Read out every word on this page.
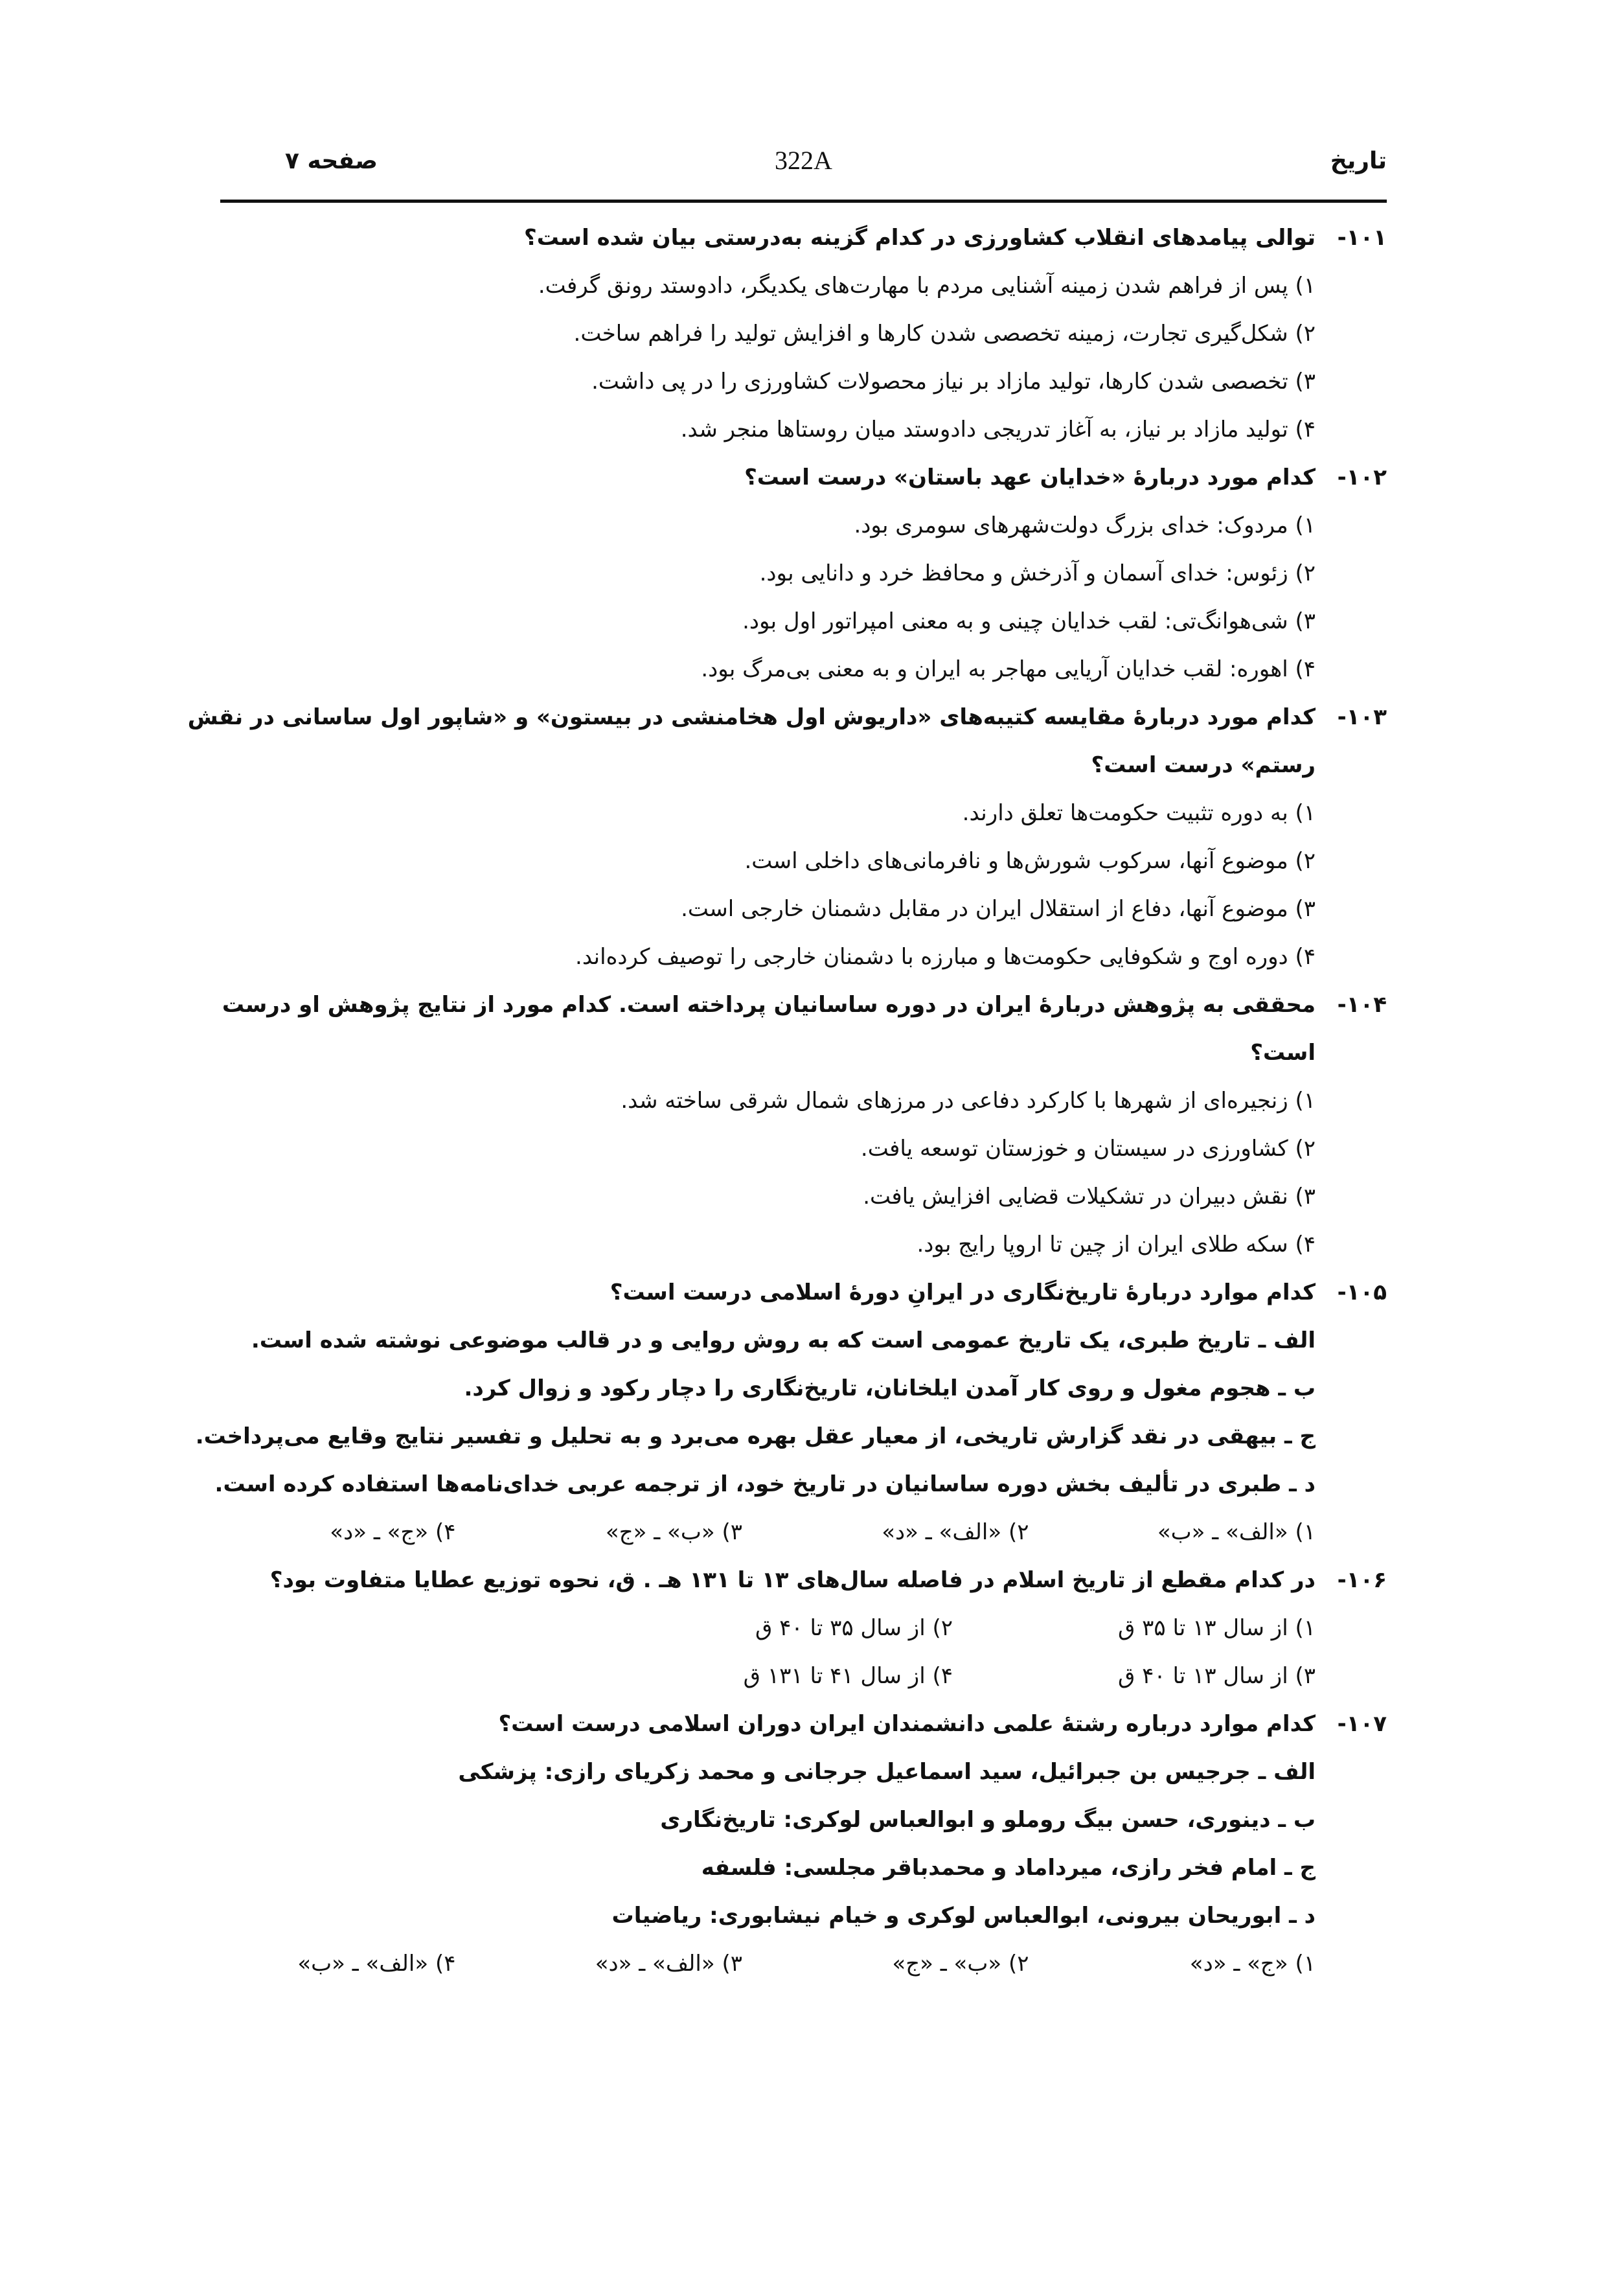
صفحه ۷	322A	تاریخ
۱۰۱-
توالی پیامدهای انقلاب کشاورزی در کدام گزینه به‌درستی بیان شده است؟
۱) پس از فراهم شدن زمینه آشنایی مردم با مهارت‌های یکدیگر، دادوستد رونق گرفت.
۲) شکل‌گیری تجارت، زمینه تخصصی شدن کارها و افزایش تولید را فراهم ساخت.
۳) تخصصی شدن کارها، تولید مازاد بر نیاز محصولات کشاورزی را در پی داشت.
۴) تولید مازاد بر نیاز، به آغاز تدریجی دادوستد میان روستاها منجر شد.
۱۰۲-
کدام مورد دربارهٔ «خدایان عهد باستان» درست است؟
۱) مردوک: خدای بزرگ دولت‌شهرهای سومری بود.
۲) زئوس: خدای آسمان و آذرخش و محافظ خرد و دانایی بود.
۳) شی‌هوانگ‌تی: لقب خدایان چینی و به معنی امپراتور اول بود.
۴) اهوره: لقب خدایان آریایی مهاجر به ایران و به معنی بی‌مرگ بود.
۱۰۳-
کدام مورد دربارهٔ مقایسه کتیبه‌های «داریوش اول هخامنشی در بیستون» و «شاپور اول ساسانی در نقش رستم» درست است؟
۱) به دوره تثبیت حکومت‌ها تعلق دارند.
۲) موضوع آنها، سرکوب شورش‌ها و نافرمانی‌های داخلی است.
۳) موضوع آنها، دفاع از استقلال ایران در مقابل دشمنان خارجی است.
۴) دوره اوج و شکوفایی حکومت‌ها و مبارزه با دشمنان خارجی را توصیف کرده‌اند.
۱۰۴-
محققی به پژوهش دربارهٔ ایران در دوره ساسانیان پرداخته است. کدام مورد از نتایج پژوهش او درست است؟
۱) زنجیره‌ای از شهرها با کارکرد دفاعی در مرزهای شمال شرقی ساخته شد.
۲) کشاورزی در سیستان و خوزستان توسعه یافت.
۳) نقش دبیران در تشکیلات قضایی افزایش یافت.
۴) سکه طلای ایران از چین تا اروپا رایج بود.
۱۰۵-
کدام موارد دربارهٔ تاریخ‌نگاری در ایرانِ دورهٔ اسلامی درست است؟
الف ـ تاریخ طبری، یک تاریخ عمومی است که به روش روایی و در قالب موضوعی نوشته شده است.
ب ـ هجوم مغول و روی کار آمدن ایلخانان، تاریخ‌نگاری را دچار رکود و زوال کرد.
ج ـ بیهقی در نقد گزارش تاریخی، از معیار عقل بهره می‌برد و به تحلیل و تفسیر نتایج وقایع می‌پرداخت.
د ـ طبری در تألیف بخش دوره ساسانیان در تاریخ خود، از ترجمه عربی خدای‌نامه‌ها استفاده کرده است.
۱) «الف» ـ «ب»
۲) «الف» ـ «د»
۳) «ب» ـ «ج»
۴) «ج» ـ «د»
۱۰۶-
در کدام مقطع از تاریخ اسلام در فاصله سال‌های ۱۳ تا ۱۳۱ هـ . ق، نحوه توزیع عطایا متفاوت بود؟
۱) از سال ۱۳ تا ۳۵ ق
۲) از سال ۳۵ تا ۴۰ ق
۳) از سال ۱۳ تا ۴۰ ق
۴) از سال ۴۱ تا ۱۳۱ ق
۱۰۷-
کدام موارد درباره رشتهٔ علمی دانشمندان ایران دوران اسلامی درست است؟
الف ـ جرجیس بن جبرائیل، سید اسماعیل جرجانی و محمد زکریای رازی: پزشکی
ب ـ دینوری، حسن بیگ روملو و ابوالعباس لوکری: تاریخ‌نگاری
ج ـ امام فخر رازی، میرداماد و محمدباقر مجلسی: فلسفه
د ـ ابوریحان بیرونی، ابوالعباس لوکری و خیام نیشابوری: ریاضیات
۱) «ج» ـ «د»
۲) «ب» ـ «ج»
۳) «الف» ـ «د»
۴) «الف» ـ «ب»
